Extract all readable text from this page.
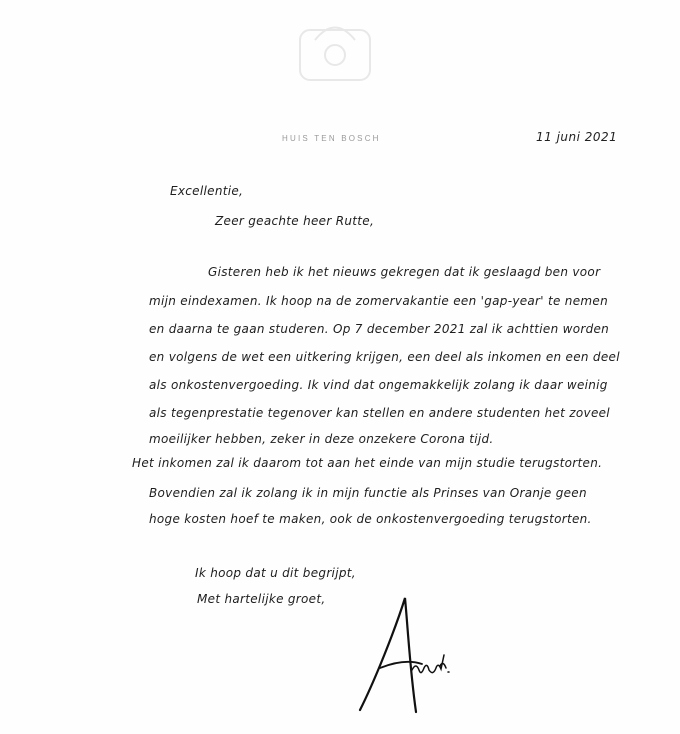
HUIS TEN BOSCH	11 juni 2021
Excellentie,
Zeer geachte heer Rutte,
Gisteren heb ik het nieuws gekregen dat ik geslaagd ben voor
mijn eindexamen. Ik hoop na de zomervakantie een 'gap-year' te nemen
en daarna te gaan studeren. Op 7 december 2021 zal ik achttien worden
en volgens de wet een uitkering krijgen, een deel als inkomen en een deel
als onkostenvergoeding. Ik vind dat ongemakkelijk zolang ik daar weinig
als tegenprestatie tegenover kan stellen en andere studenten het zoveel
moeilijker hebben, zeker in deze onzekere Corona tijd.
Het inkomen zal ik daarom tot aan het einde van mijn studie terugstorten.
Bovendien zal ik zolang ik in mijn functie als Prinses van Oranje geen
hoge kosten hoef te maken, ook de onkostenvergoeding terugstorten.
Ik hoop dat u dit begrijpt,
Met hartelijke groet,
